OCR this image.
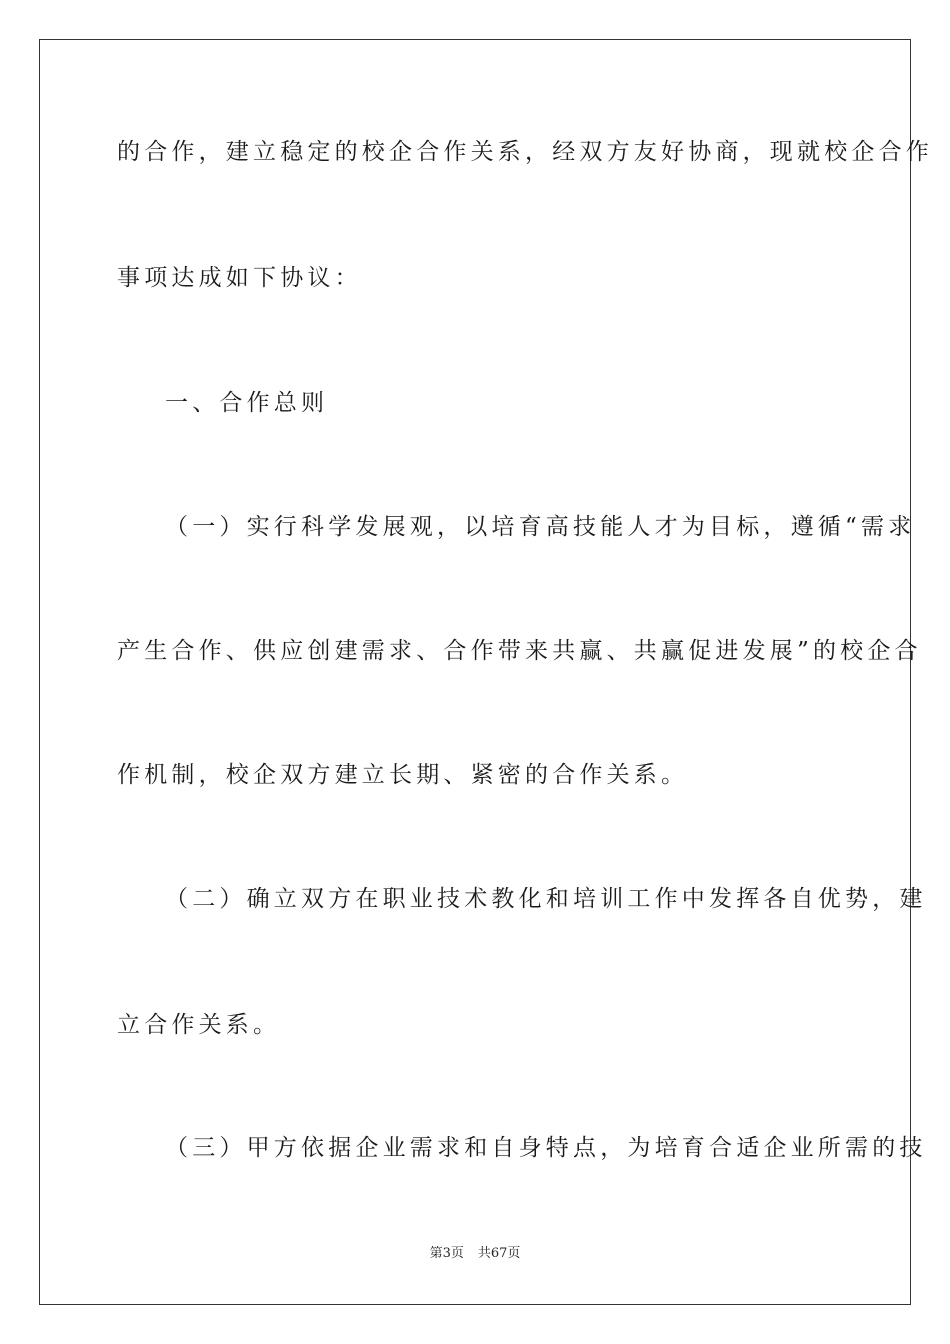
的合作，建立稳定的校企合作关系，经双方友好协商，现就校企合作
事项达成如下协议：
一、合作总则
（一）实行科学发展观，以培育高技能人才为目标，遵循“需求
产生合作、供应创建需求、合作带来共赢、共赢促进发展”的校企合
作机制，校企双方建立长期、紧密的合作关系。
（二）确立双方在职业技术教化和培训工作中发挥各自优势，建
立合作关系。
（三）甲方依据企业需求和自身特点，为培育合适企业所需的技
第3页 共67页
